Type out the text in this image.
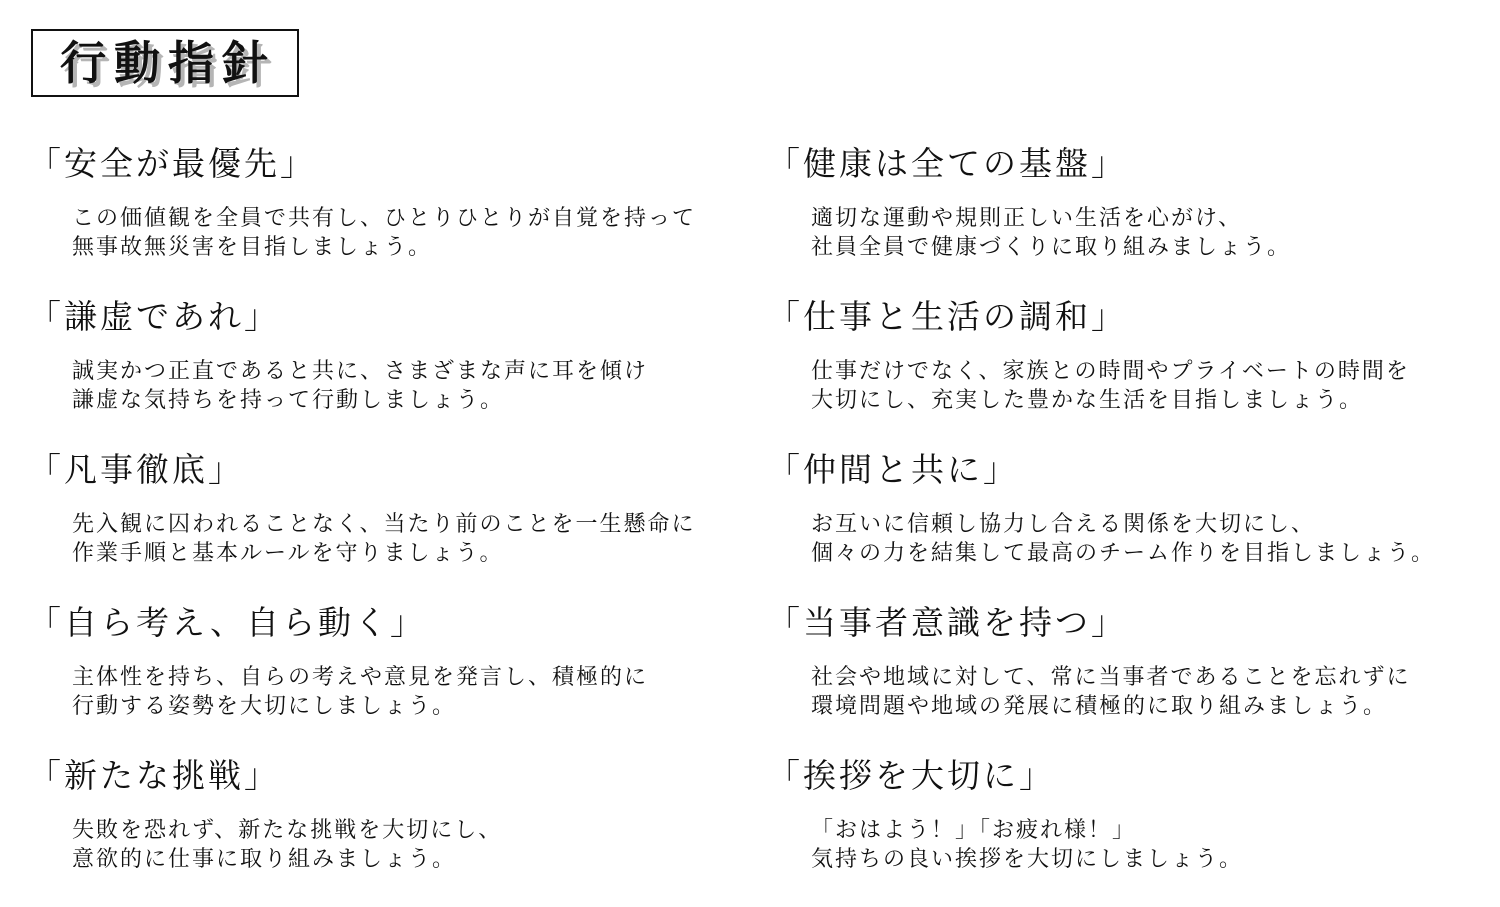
行動指針
「安全が最優先」
この価値観を全員で共有し、ひとりひとりが自覚を持って
無事故無災害を目指しましょう。
「謙虚であれ」
誠実かつ正直であると共に、さまざまな声に耳を傾け
謙虚な気持ちを持って行動しましょう。
「凡事徹底」
先入観に囚われることなく、当たり前のことを一生懸命に
作業手順と基本ルールを守りましょう。
「自ら考え、自ら動く」
主体性を持ち、自らの考えや意見を発言し、積極的に
行動する姿勢を大切にしましょう。
「新たな挑戦」
失敗を恐れず、新たな挑戦を大切にし、
意欲的に仕事に取り組みましょう。
「健康は全ての基盤」
適切な運動や規則正しい生活を心がけ、
社員全員で健康づくりに取り組みましょう。
「仕事と生活の調和」
仕事だけでなく、家族との時間やプライベートの時間を
大切にし、充実した豊かな生活を目指しましょう。
「仲間と共に」
お互いに信頼し協力し合える関係を大切にし、
個々の力を結集して最高のチーム作りを目指しましょう。
「当事者意識を持つ」
社会や地域に対して、常に当事者であることを忘れずに
環境問題や地域の発展に積極的に取り組みましょう。
「挨拶を大切に」
「おはよう！」「お疲れ様！」
気持ちの良い挨拶を大切にしましょう。
